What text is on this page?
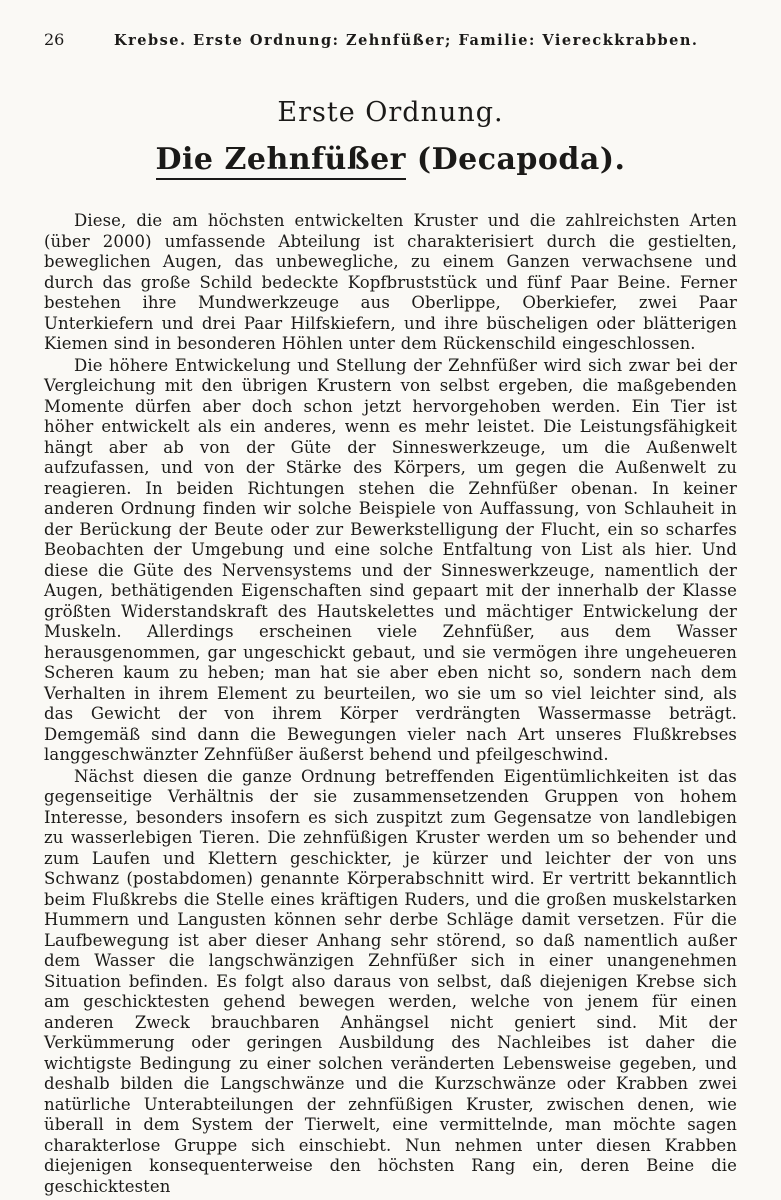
26	Krebse. Erste Ordnung: Zehnfüßer; Familie: Viereckkrabben.
Erste Ordnung.
Die Zehnfüßer (Decapoda).

Diese, die am höchsten entwickelten Kruster und die zahlreichsten Arten (über 2000) umfassende Abteilung ist charakterisiert durch die gestielten, beweglichen Augen, das unbewegliche, zu einem Ganzen verwachsene und durch das große Schild bedeckte Kopfbruststück und fünf Paar Beine. Ferner bestehen ihre Mundwerkzeuge aus Oberlippe, Oberkiefer, zwei Paar Unterkiefern und drei Paar Hilfskiefern, und ihre büscheligen oder blätterigen Kiemen sind in besonderen Höhlen unter dem Rückenschild eingeschlossen.

Die höhere Entwickelung und Stellung der Zehnfüßer wird sich zwar bei der Vergleichung mit den übrigen Krustern von selbst ergeben, die maßgebenden Momente dürfen aber doch schon jetzt hervorgehoben werden. Ein Tier ist höher entwickelt als ein anderes, wenn es mehr leistet. Die Leistungsfähigkeit hängt aber ab von der Güte der Sinneswerkzeuge, um die Außenwelt aufzufassen, und von der Stärke des Körpers, um gegen die Außenwelt zu reagieren. In beiden Richtungen stehen die Zehnfüßer obenan. In keiner anderen Ordnung finden wir solche Beispiele von Auffassung, von Schlauheit in der Berückung der Beute oder zur Bewerkstelligung der Flucht, ein so scharfes Beobachten der Umgebung und eine solche Entfaltung von List als hier. Und diese die Güte des Nervensystems und der Sinneswerkzeuge, namentlich der Augen, bethätigenden Eigenschaften sind gepaart mit der innerhalb der Klasse größten Widerstandskraft des Hautskelettes und mächtiger Entwickelung der Muskeln. Allerdings erscheinen viele Zehnfüßer, aus dem Wasser herausgenommen, gar ungeschickt gebaut, und sie vermögen ihre ungeheueren Scheren kaum zu heben; man hat sie aber eben nicht so, sondern nach dem Verhalten in ihrem Element zu beurteilen, wo sie um so viel leichter sind, als das Gewicht der von ihrem Körper verdrängten Wassermasse beträgt. Demgemäß sind dann die Bewegungen vieler nach Art unseres Flußkrebses langgeschwänzter Zehnfüßer äußerst behend und pfeilgeschwind.

Nächst diesen die ganze Ordnung betreffenden Eigentümlichkeiten ist das gegenseitige Verhältnis der sie zusammensetzenden Gruppen von hohem Interesse, besonders insofern es sich zuspitzt zum Gegensatze von landlebigen zu wasserlebigen Tieren. Die zehnfüßigen Kruster werden um so behender und zum Laufen und Klettern geschickter, je kürzer und leichter der von uns Schwanz (postabdomen) genannte Körperabschnitt wird. Er vertritt bekanntlich beim Flußkrebs die Stelle eines kräftigen Ruders, und die großen muskelstarken Hummern und Langusten können sehr derbe Schläge damit versetzen. Für die Laufbewegung ist aber dieser Anhang sehr störend, so daß namentlich außer dem Wasser die langschwänzigen Zehnfüßer sich in einer unangenehmen Situation befinden. Es folgt also daraus von selbst, daß diejenigen Krebse sich am geschicktesten gehend bewegen werden, welche von jenem für einen anderen Zweck brauchbaren Anhängsel nicht geniert sind. Mit der Verkümmerung oder geringen Ausbildung des Nachleibes ist daher die wichtigste Bedingung zu einer solchen veränderten Lebensweise gegeben, und deshalb bilden die Langschwänze und die Kurzschwänze oder Krabben zwei natürliche Unterabteilungen der zehnfüßigen Kruster, zwischen denen, wie überall in dem System der Tierwelt, eine vermittelnde, man möchte sagen charakterlose Gruppe sich einschiebt. Nun nehmen unter diesen Krabben diejenigen konsequenterweise den höchsten Rang ein, deren Beine die geschicktesten
